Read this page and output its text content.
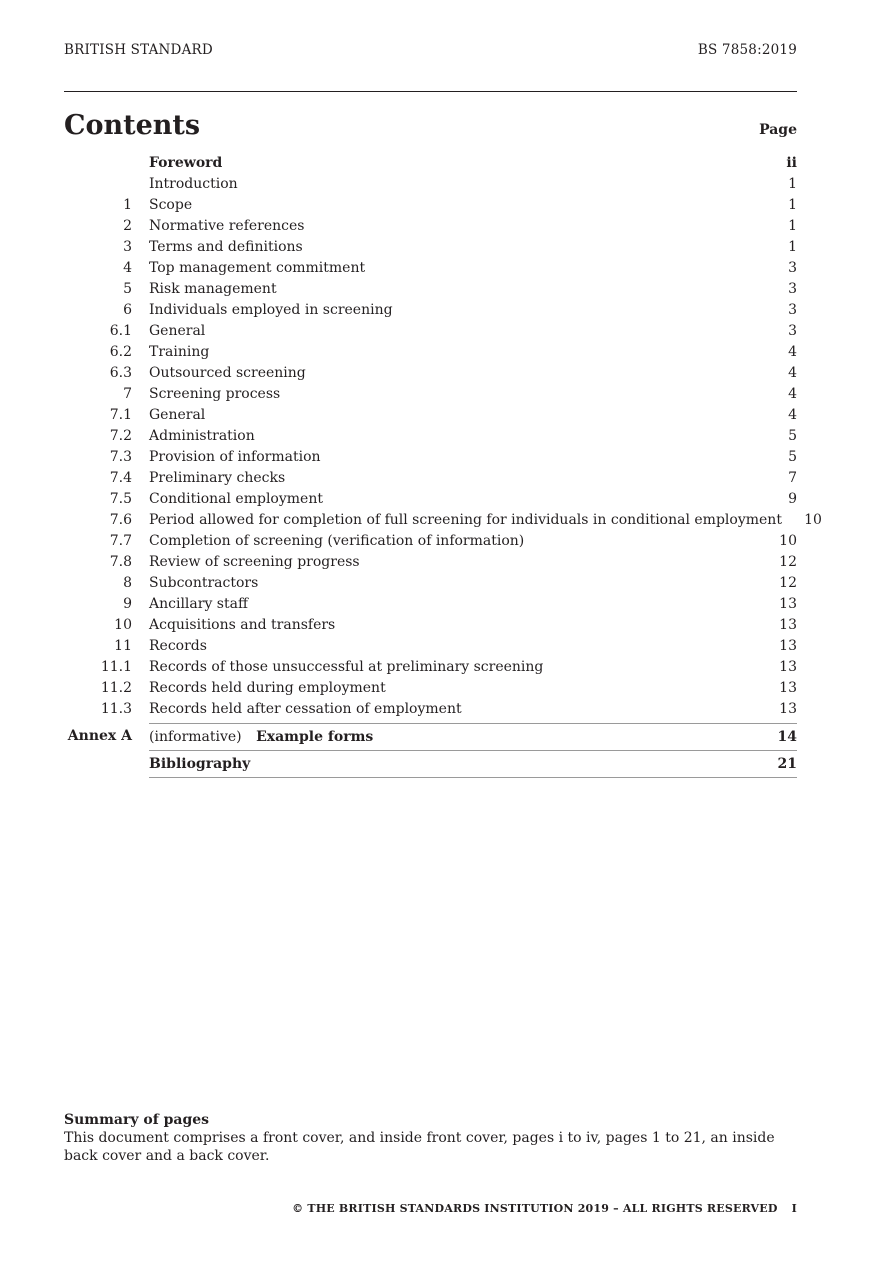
BRITISH STANDARD	BS 7858:2019
Contents	Page
Foreword	ii
Introduction	1
1 Scope	1
2 Normative references	1
3 Terms and definitions	1
4 Top management commitment	3
5 Risk management	3
6 Individuals employed in screening	3
6.1 General	3
6.2 Training	4
6.3 Outsourced screening	4
7 Screening process	4
7.1 General	4
7.2 Administration	5
7.3 Provision of information	5
7.4 Preliminary checks	7
7.5 Conditional employment	9
7.6 Period allowed for completion of full screening for individuals in conditional employment	10
7.7 Completion of screening (verification of information)	10
7.8 Review of screening progress	12
8 Subcontractors	12
9 Ancillary staff	13
10 Acquisitions and transfers	13
11 Records	13
11.1 Records of those unsuccessful at preliminary screening	13
11.2 Records held during employment	13
11.3 Records held after cessation of employment	13
Annex A (informative) Example forms	14
Bibliography	21
Summary of pages
This document comprises a front cover, and inside front cover, pages i to iv, pages 1 to 21, an inside back cover and a back cover.
© THE BRITISH STANDARDS INSTITUTION 2019 – ALL RIGHTS RESERVED I
